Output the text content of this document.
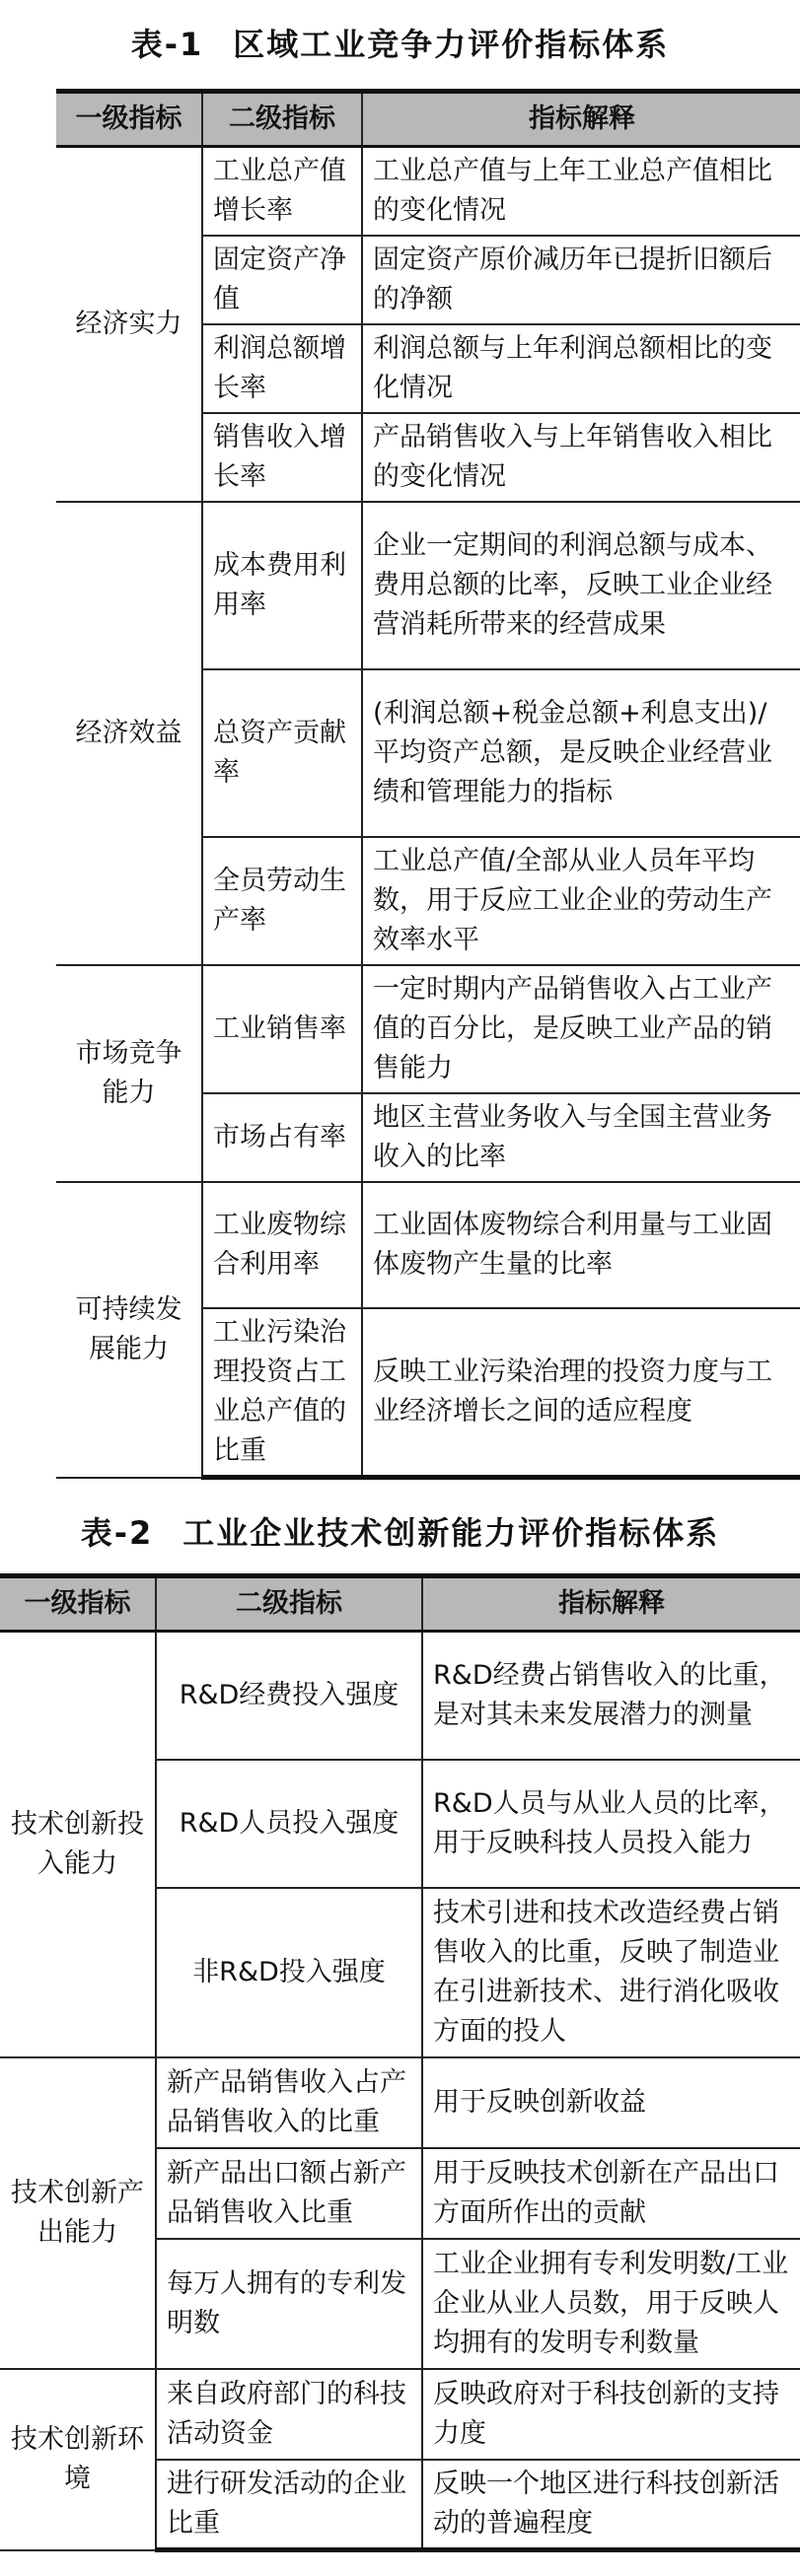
表-1 区域工业竞争力评价指标体系
一级指标	二级指标	指标解释
经济实力	工业总产值增长率	工业总产值与上年工业总产值相比的变化情况
	固定资产净值	固定资产原价减历年已提折旧额后的净额
	利润总额增长率	利润总额与上年利润总额相比的变化情况
	销售收入增长率	产品销售收入与上年销售收入相比的变化情况
经济效益	成本费用利用率	企业一定期间的利润总额与成本、费用总额的比率，反映工业企业经营消耗所带来的经营成果
	总资产贡献率	(利润总额+税金总额+利息支出)/平均资产总额，是反映企业经营业绩和管理能力的指标
	全员劳动生产率	工业总产值/全部从业人员年平均数，用于反应工业企业的劳动生产效率水平
市场竞争能力	工业销售率	一定时期内产品销售收入占工业产值的百分比，是反映工业产品的销售能力
	市场占有率	地区主营业务收入与全国主营业务收入的比率
可持续发展能力	工业废物综合利用率	工业固体废物综合利用量与工业固体废物产生量的比率
	工业污染治理投资占工业总产值的比重	反映工业污染治理的投资力度与工业经济增长之间的适应程度
表-2 工业企业技术创新能力评价指标体系
一级指标	二级指标	指标解释
技术创新投入能力	R&D经费投入强度	R&D经费占销售收入的比重，是对其未来发展潜力的测量
	R&D人员投入强度	R&D人员与从业人员的比率，用于反映科技人员投入能力
	非R&D投入强度	技术引进和技术改造经费占销售收入的比重，反映了制造业在引进新技术、进行消化吸收方面的投人
技术创新产出能力	新产品销售收入占产品销售收入的比重	用于反映创新收益
	新产品出口额占新产品销售收入比重	用于反映技术创新在产品出口方面所作出的贡献
	每万人拥有的专利发明数	工业企业拥有专利发明数/工业企业从业人员数，用于反映人均拥有的发明专利数量
技术创新环境	来自政府部门的科技活动资金	反映政府对于科技创新的支持力度
	进行研发活动的企业比重	反映一个地区进行科技创新活动的普遍程度
